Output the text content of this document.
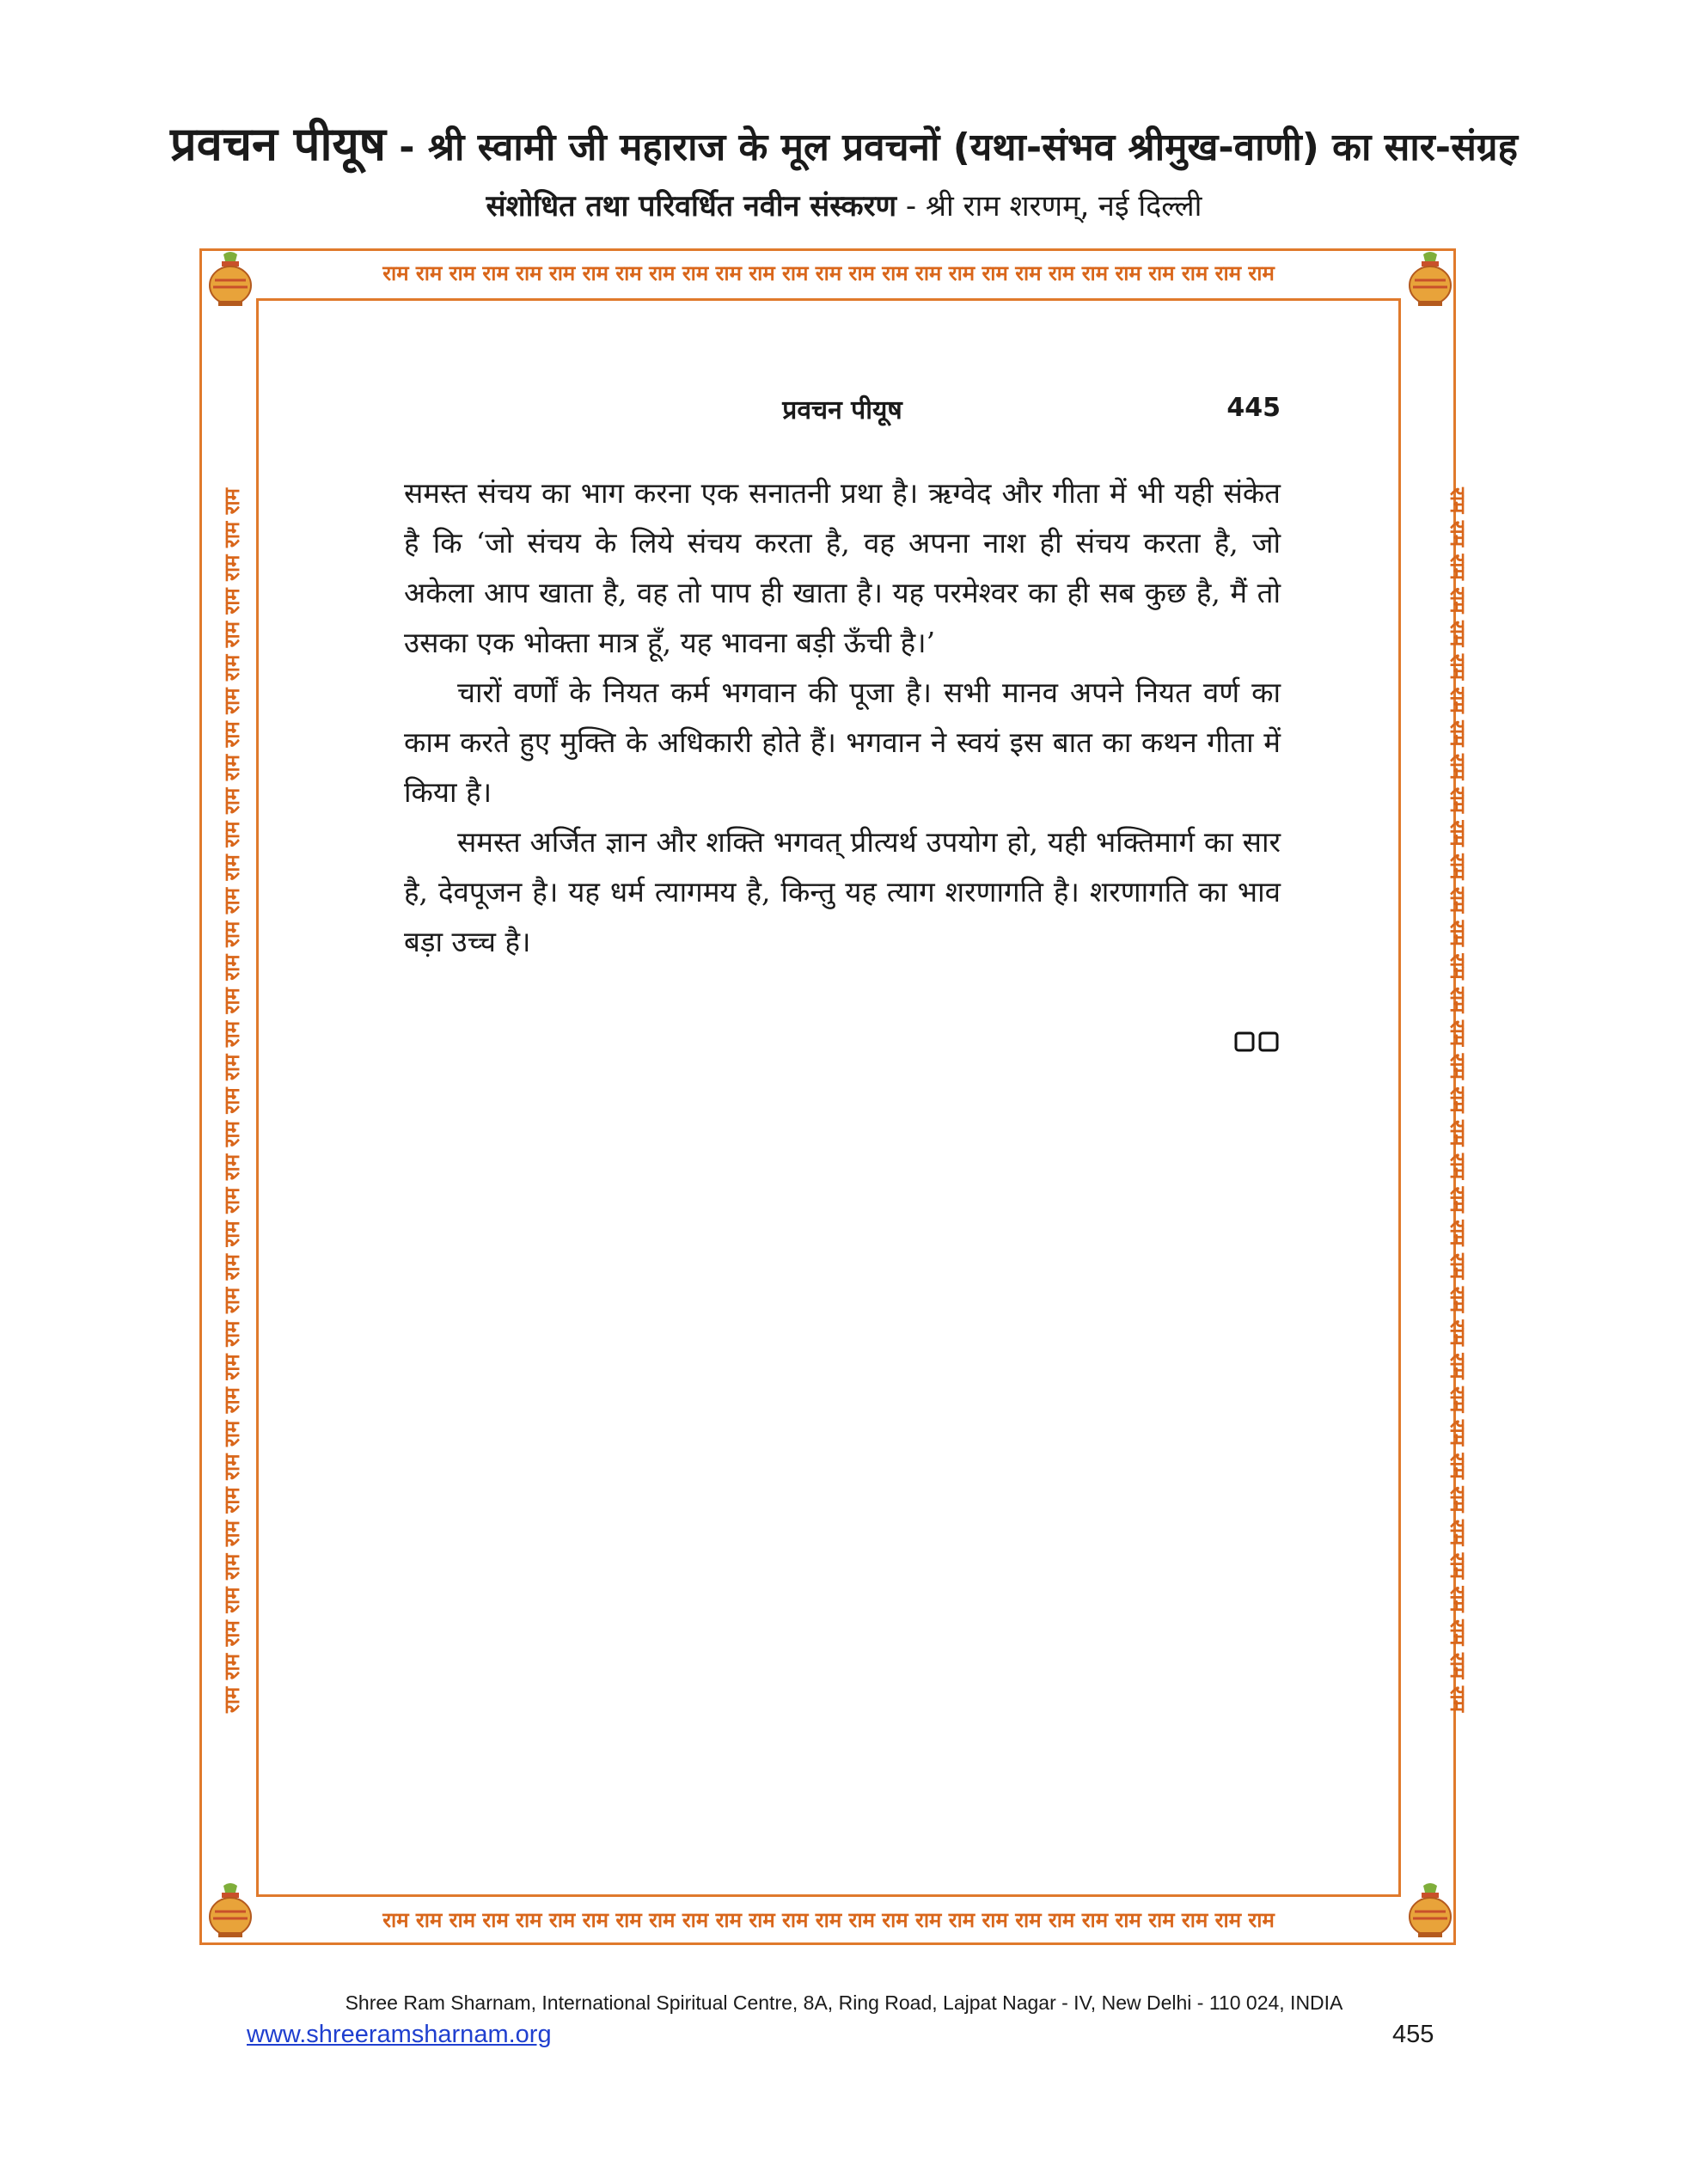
प्रवचन पीयूष - श्री स्वामी जी महाराज के मूल प्रवचनों (यथा-संभव श्रीमुख-वाणी) का सार-संग्रह
संशोधित तथा परिवर्धित नवीन संस्करण - श्री राम शरणम्, नई दिल्ली
राम राम राम राम राम राम राम राम राम राम राम राम राम राम राम राम राम राम राम राम राम राम राम राम राम राम राम
राम राम राम राम राम राम राम राम राम राम राम राम राम राम राम राम राम राम राम राम राम राम राम राम राम राम राम
राम राम राम राम राम राम राम राम राम राम राम राम राम राम राम राम राम राम राम राम राम राम राम राम राम राम राम राम राम राम राम राम राम राम राम राम राम	राम राम राम राम राम राम राम राम राम राम राम राम राम राम राम राम राम राम राम राम राम राम राम राम राम राम राम राम राम राम राम राम राम राम राम राम राम
प्रवचन पीयूष	445

समस्त संचय का भाग करना एक सनातनी प्रथा है। ऋग्वेद और गीता में भी यही संकेत है कि ‘जो संचय के लिये संचय करता है, वह अपना नाश ही संचय करता है, जो अकेला आप खाता है, वह तो पाप ही खाता है। यह परमेश्वर का ही सब कुछ है, मैं तो उसका एक भोक्ता मात्र हूँ, यह भावना बड़ी ऊँची है।’

चारों वर्णों के नियत कर्म भगवान की पूजा है। सभी मानव अपने नियत वर्ण का काम करते हुए मुक्ति के अधिकारी होते हैं। भगवान ने स्वयं इस बात का कथन गीता में किया है।

समस्त अर्जित ज्ञान और शक्ति भगवत् प्रीत्यर्थ उपयोग हो, यही भक्तिमार्ग का सार है, देवपूजन है। यह धर्म त्यागमय है, किन्तु यह त्याग शरणागति है। शरणागति का भाव बड़ा उच्च है।

Shree Ram Sharnam, International Spiritual Centre, 8A, Ring Road, Lajpat Nagar - IV, New Delhi - 110 024, INDIA
www.shreeramsharnam.org	455
